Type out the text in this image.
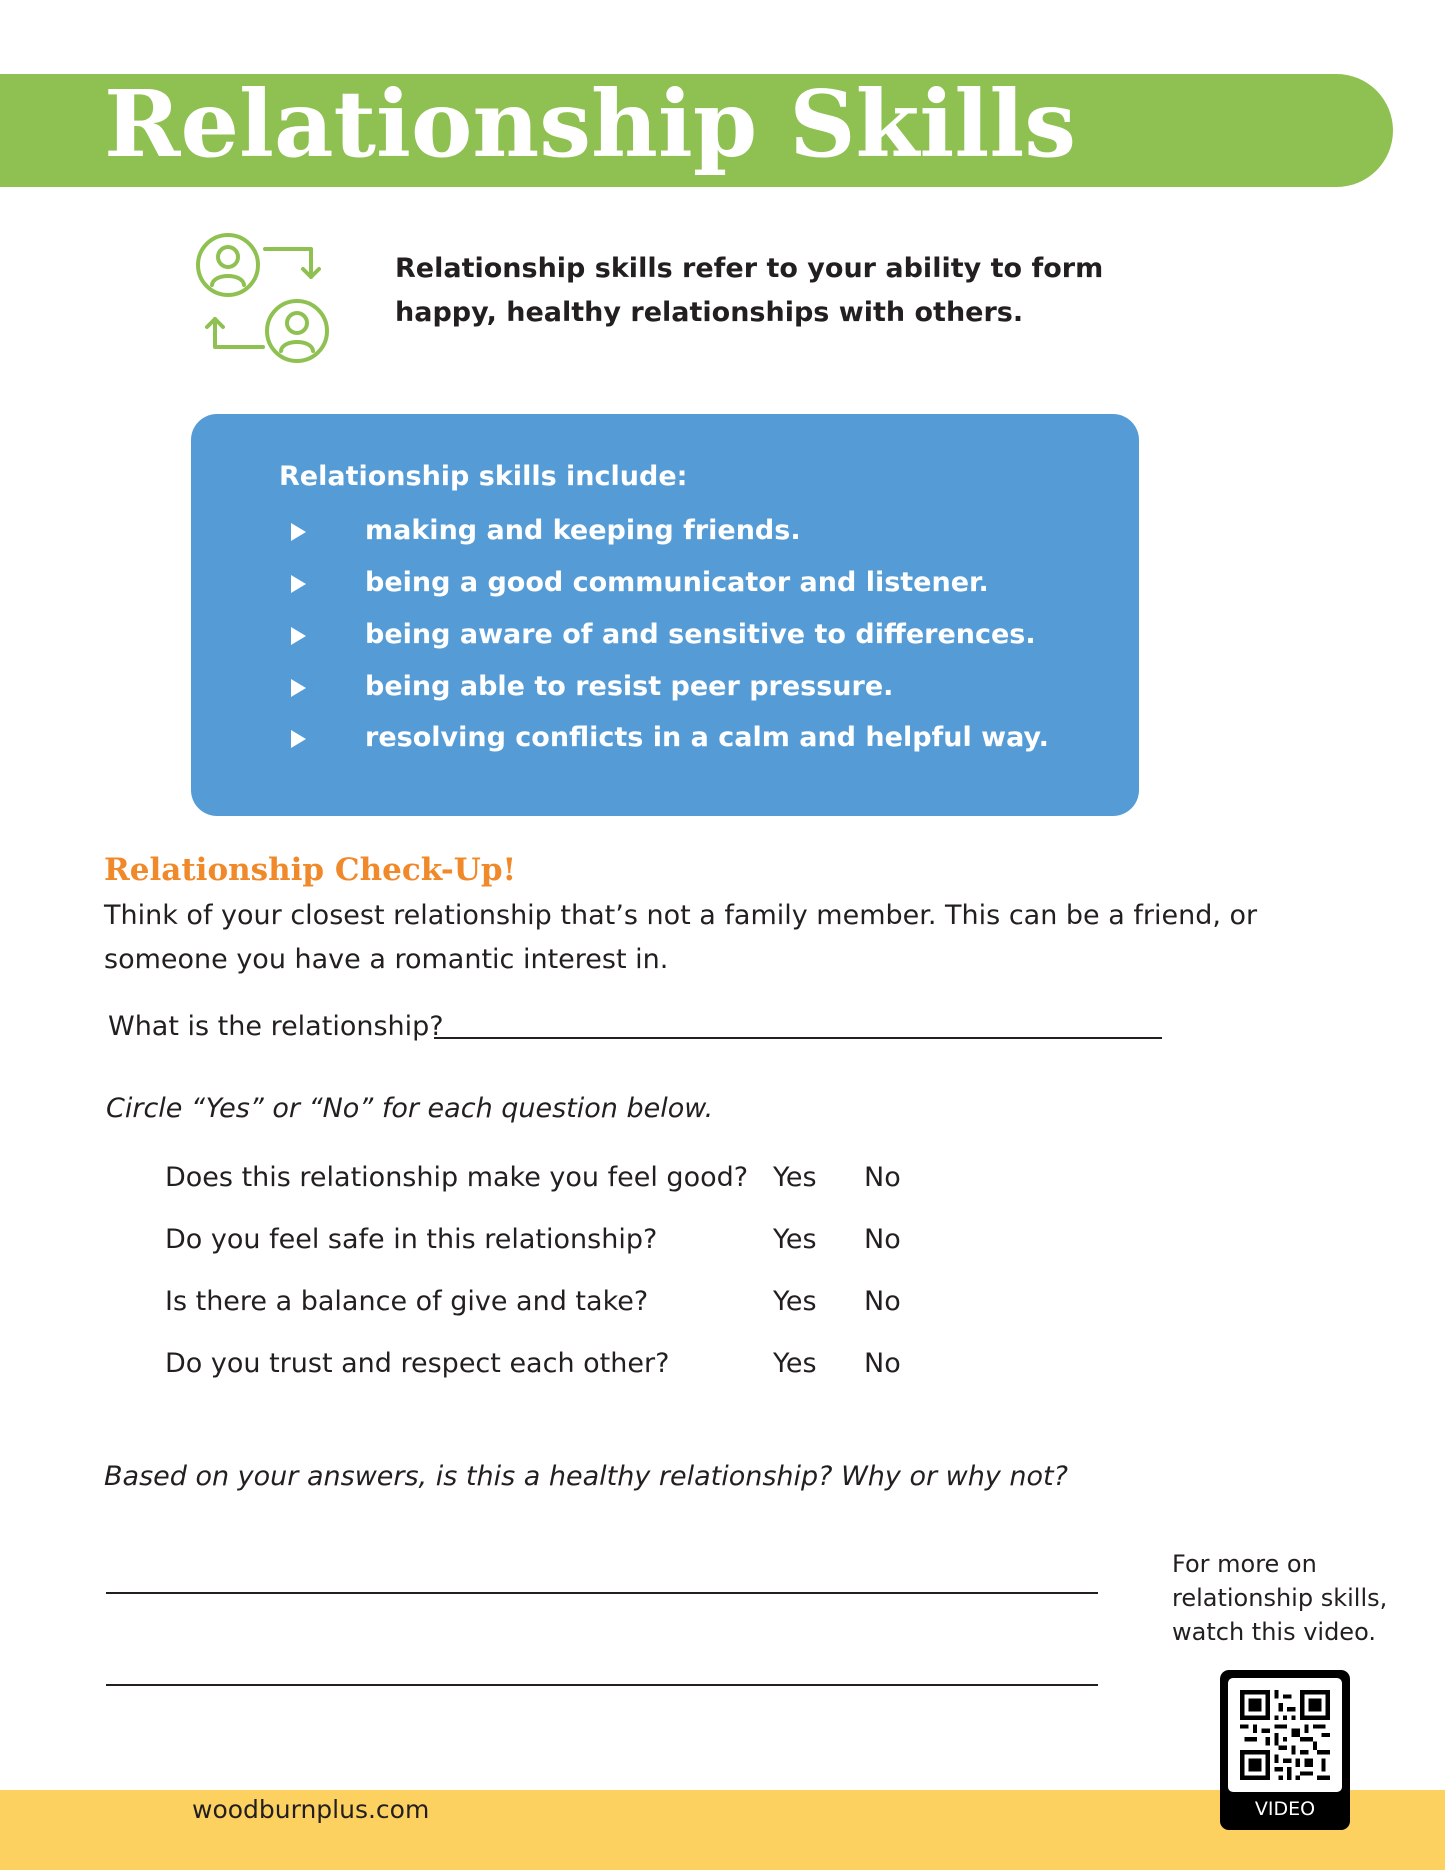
Relationship Skills
Relationship skills refer to your ability to form happy, healthy relationships with others.
Relationship skills include:
making and keeping friends.
being a good communicator and listener.
being aware of and sensitive to differences.
being able to resist peer pressure.
resolving conflicts in a calm and helpful way.
Relationship Check-Up!
Think of your closest relationship that’s not a family member. This can be a friend, or someone you have a romantic interest in.
What is the relationship?
Circle “Yes” or “No” for each question below.
Does this relationship make you feel good? Yes No
Do you feel safe in this relationship?	Yes No
Is there a balance of give and take?	Yes No
Do you trust and respect each other?	Yes No
Based on your answers, is this a healthy relationship? Why or why not?
For more on relationship skills, watch this video.
woodburnplus.com	VIDEO
